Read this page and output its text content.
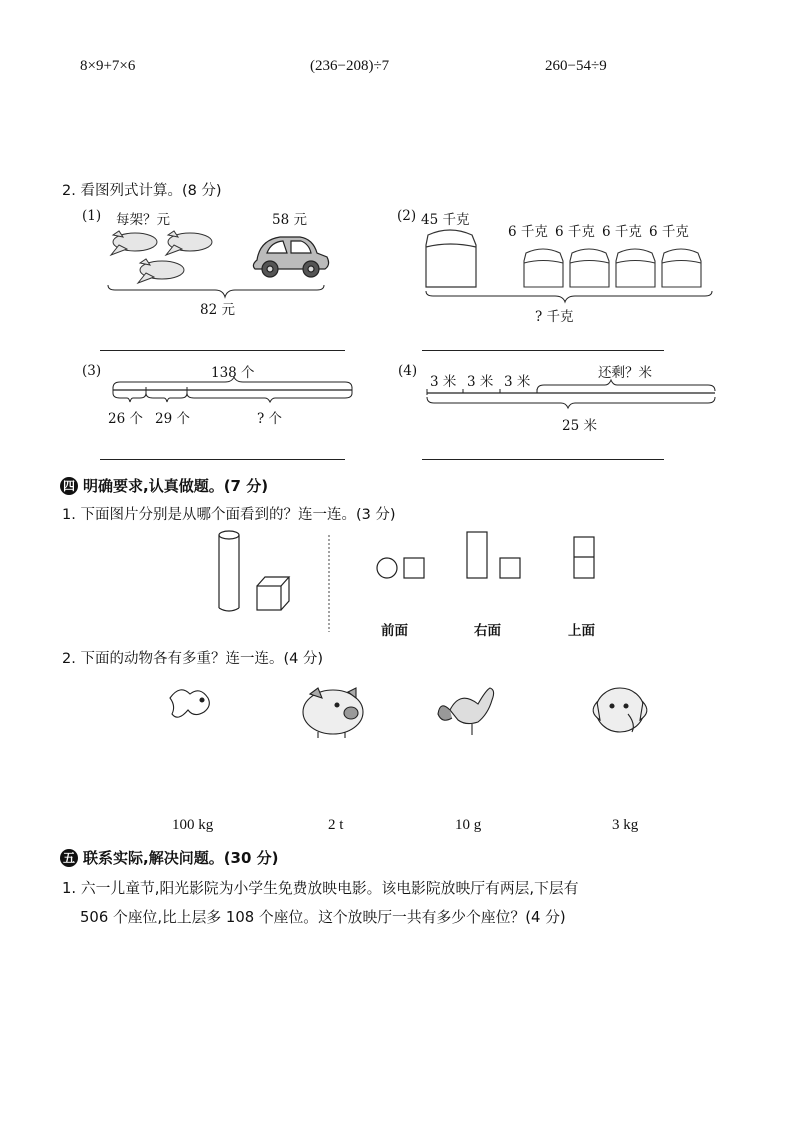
8×9+7×6	(236−208)÷7	260−54÷9
2. 看图列式计算。(8 分)
(1) 每架？元	58 元
82 元
(2) 45 千克
6 千克 6 千克 6 千克 6 千克
? 千克
(3)	138 个
26 个 29 个	? 个
(4)
3 米 3 米 3 米
还剩？米
25 米
四 明确要求,认真做题。(7 分)
1. 下面图片分别是从哪个面看到的？连一连。(3 分)
前面	右面	上面
2. 下面的动物各有多重？连一连。(4 分)
100 kg	2 t	10 g	3 kg
五 联系实际,解决问题。(30 分)
1. 六一儿童节,阳光影院为小学生免费放映电影。该电影院放映厅有两层,下层有
506 个座位,比上层多 108 个座位。这个放映厅一共有多少个座位？(4 分)
